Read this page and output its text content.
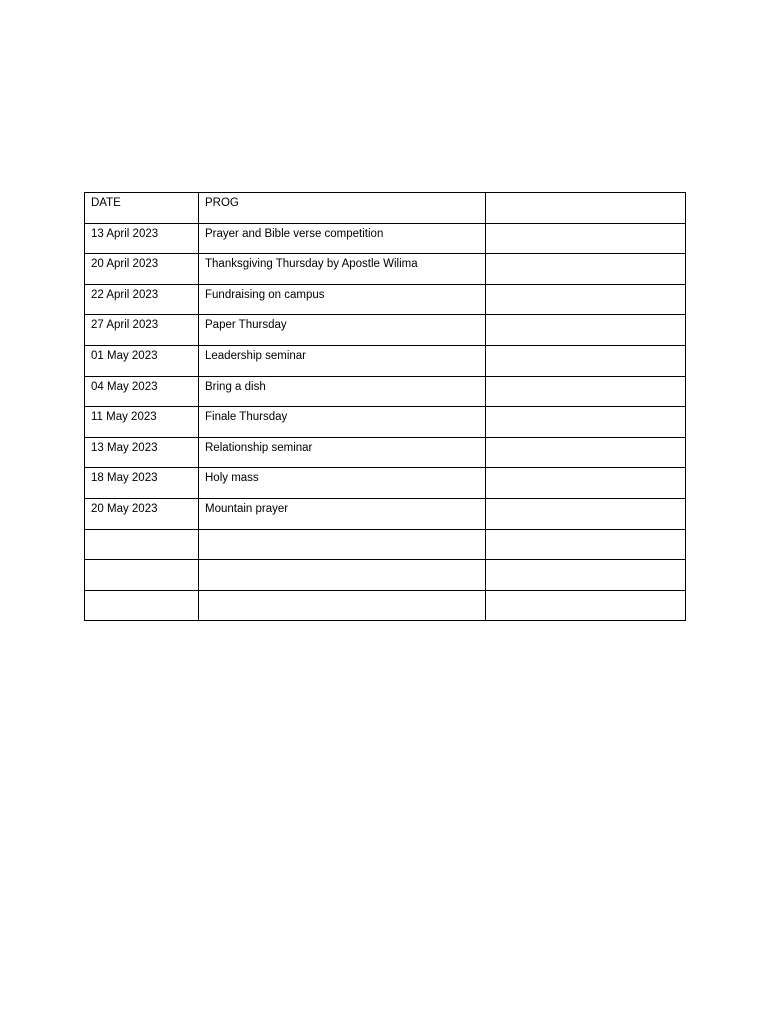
DATE	PROG	

13 April 2023	Prayer and Bible verse competition	

20 April 2023	Thanksgiving Thursday by Apostle Wilima	

22 April 2023	Fundraising on campus	

27 April 2023	Paper Thursday	

01 May 2023	Leadership seminar	

04 May 2023	Bring a dish	

11 May 2023	Finale Thursday	

13 May 2023	Relationship seminar	

18 May 2023	Holy mass	

20 May 2023	Mountain prayer	
